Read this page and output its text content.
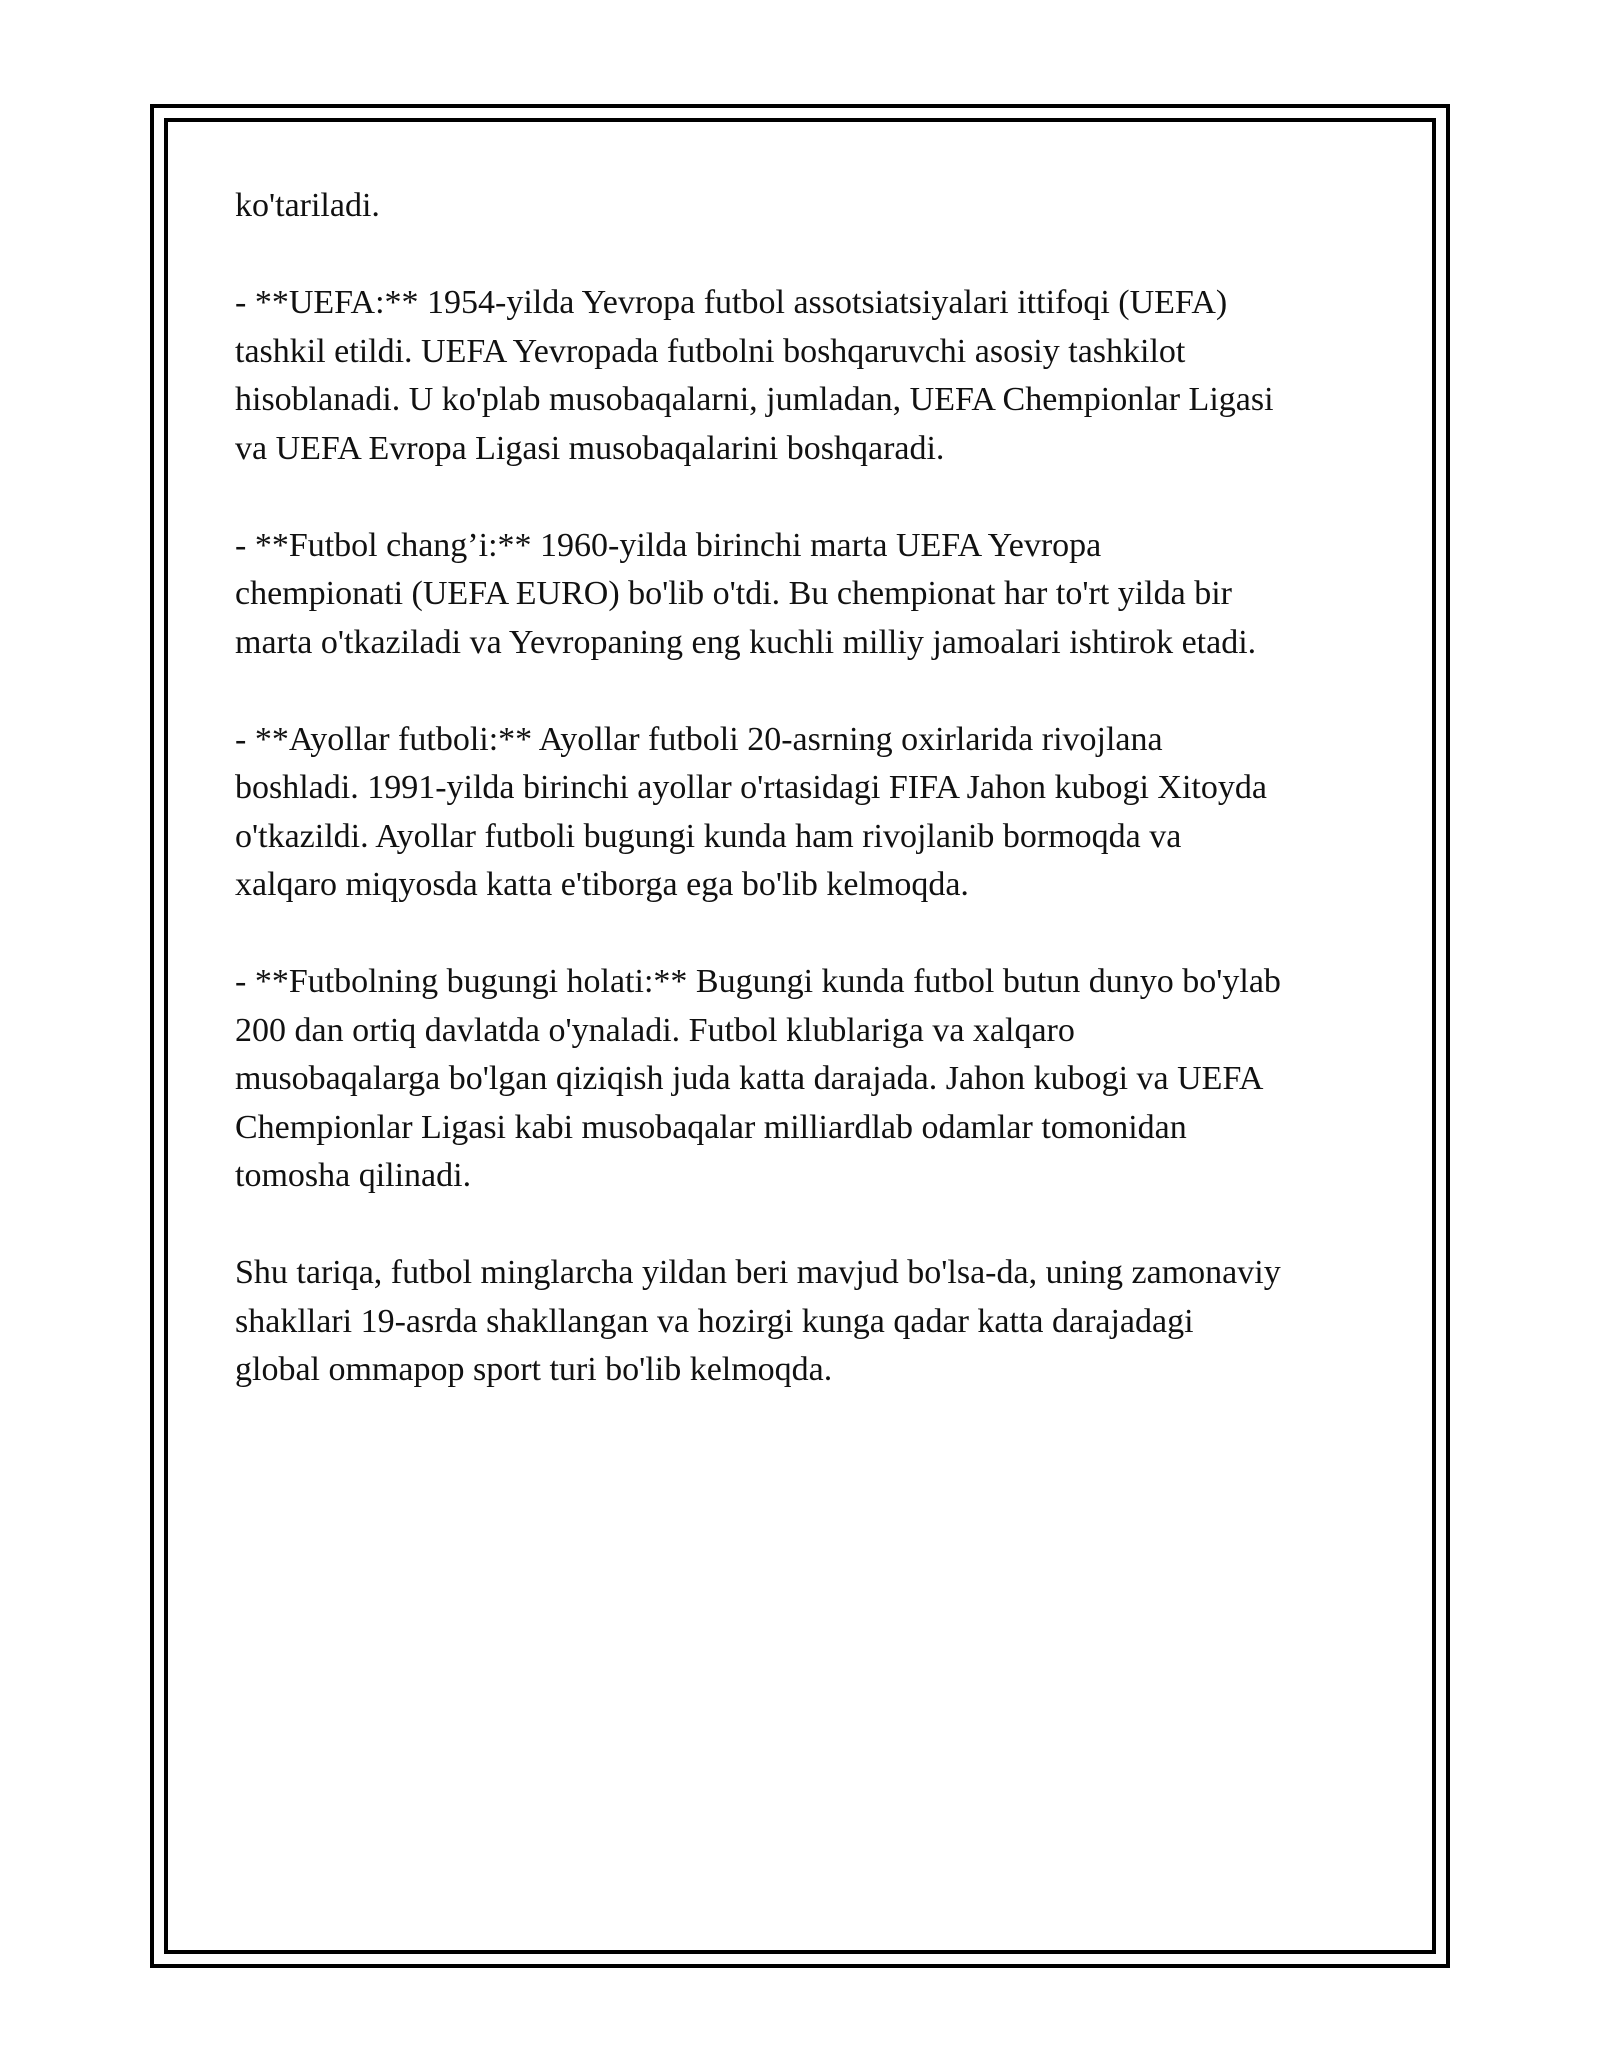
ko'tariladi.

- **UEFA:** 1954-yilda Yevropa futbol assotsiatsiyalari ittifoqi (UEFA)
tashkil etildi. UEFA Yevropada futbolni boshqaruvchi asosiy tashkilot
hisoblanadi. U ko'plab musobaqalarni, jumladan, UEFA Chempionlar Ligasi
va UEFA Evropa Ligasi musobaqalarini boshqaradi.

- **Futbol chang’i:** 1960-yilda birinchi marta UEFA Yevropa
chempionati (UEFA EURO) bo'lib o'tdi. Bu chempionat har to'rt yilda bir
marta o'tkaziladi va Yevropaning eng kuchli milliy jamoalari ishtirok etadi.

- **Ayollar futboli:** Ayollar futboli 20-asrning oxirlarida rivojlana
boshladi. 1991-yilda birinchi ayollar o'rtasidagi FIFA Jahon kubogi Xitoyda
o'tkazildi. Ayollar futboli bugungi kunda ham rivojlanib bormoqda va
xalqaro miqyosda katta e'tiborga ega bo'lib kelmoqda.

- **Futbolning bugungi holati:** Bugungi kunda futbol butun dunyo bo'ylab
200 dan ortiq davlatda o'ynaladi. Futbol klublariga va xalqaro
musobaqalarga bo'lgan qiziqish juda katta darajada. Jahon kubogi va UEFA
Chempionlar Ligasi kabi musobaqalar milliardlab odamlar tomonidan
tomosha qilinadi.

Shu tariqa, futbol minglarcha yildan beri mavjud bo'lsa-da, uning zamonaviy
shakllari 19-asrda shakllangan va hozirgi kunga qadar katta darajadagi
global ommapop sport turi bo'lib kelmoqda.
